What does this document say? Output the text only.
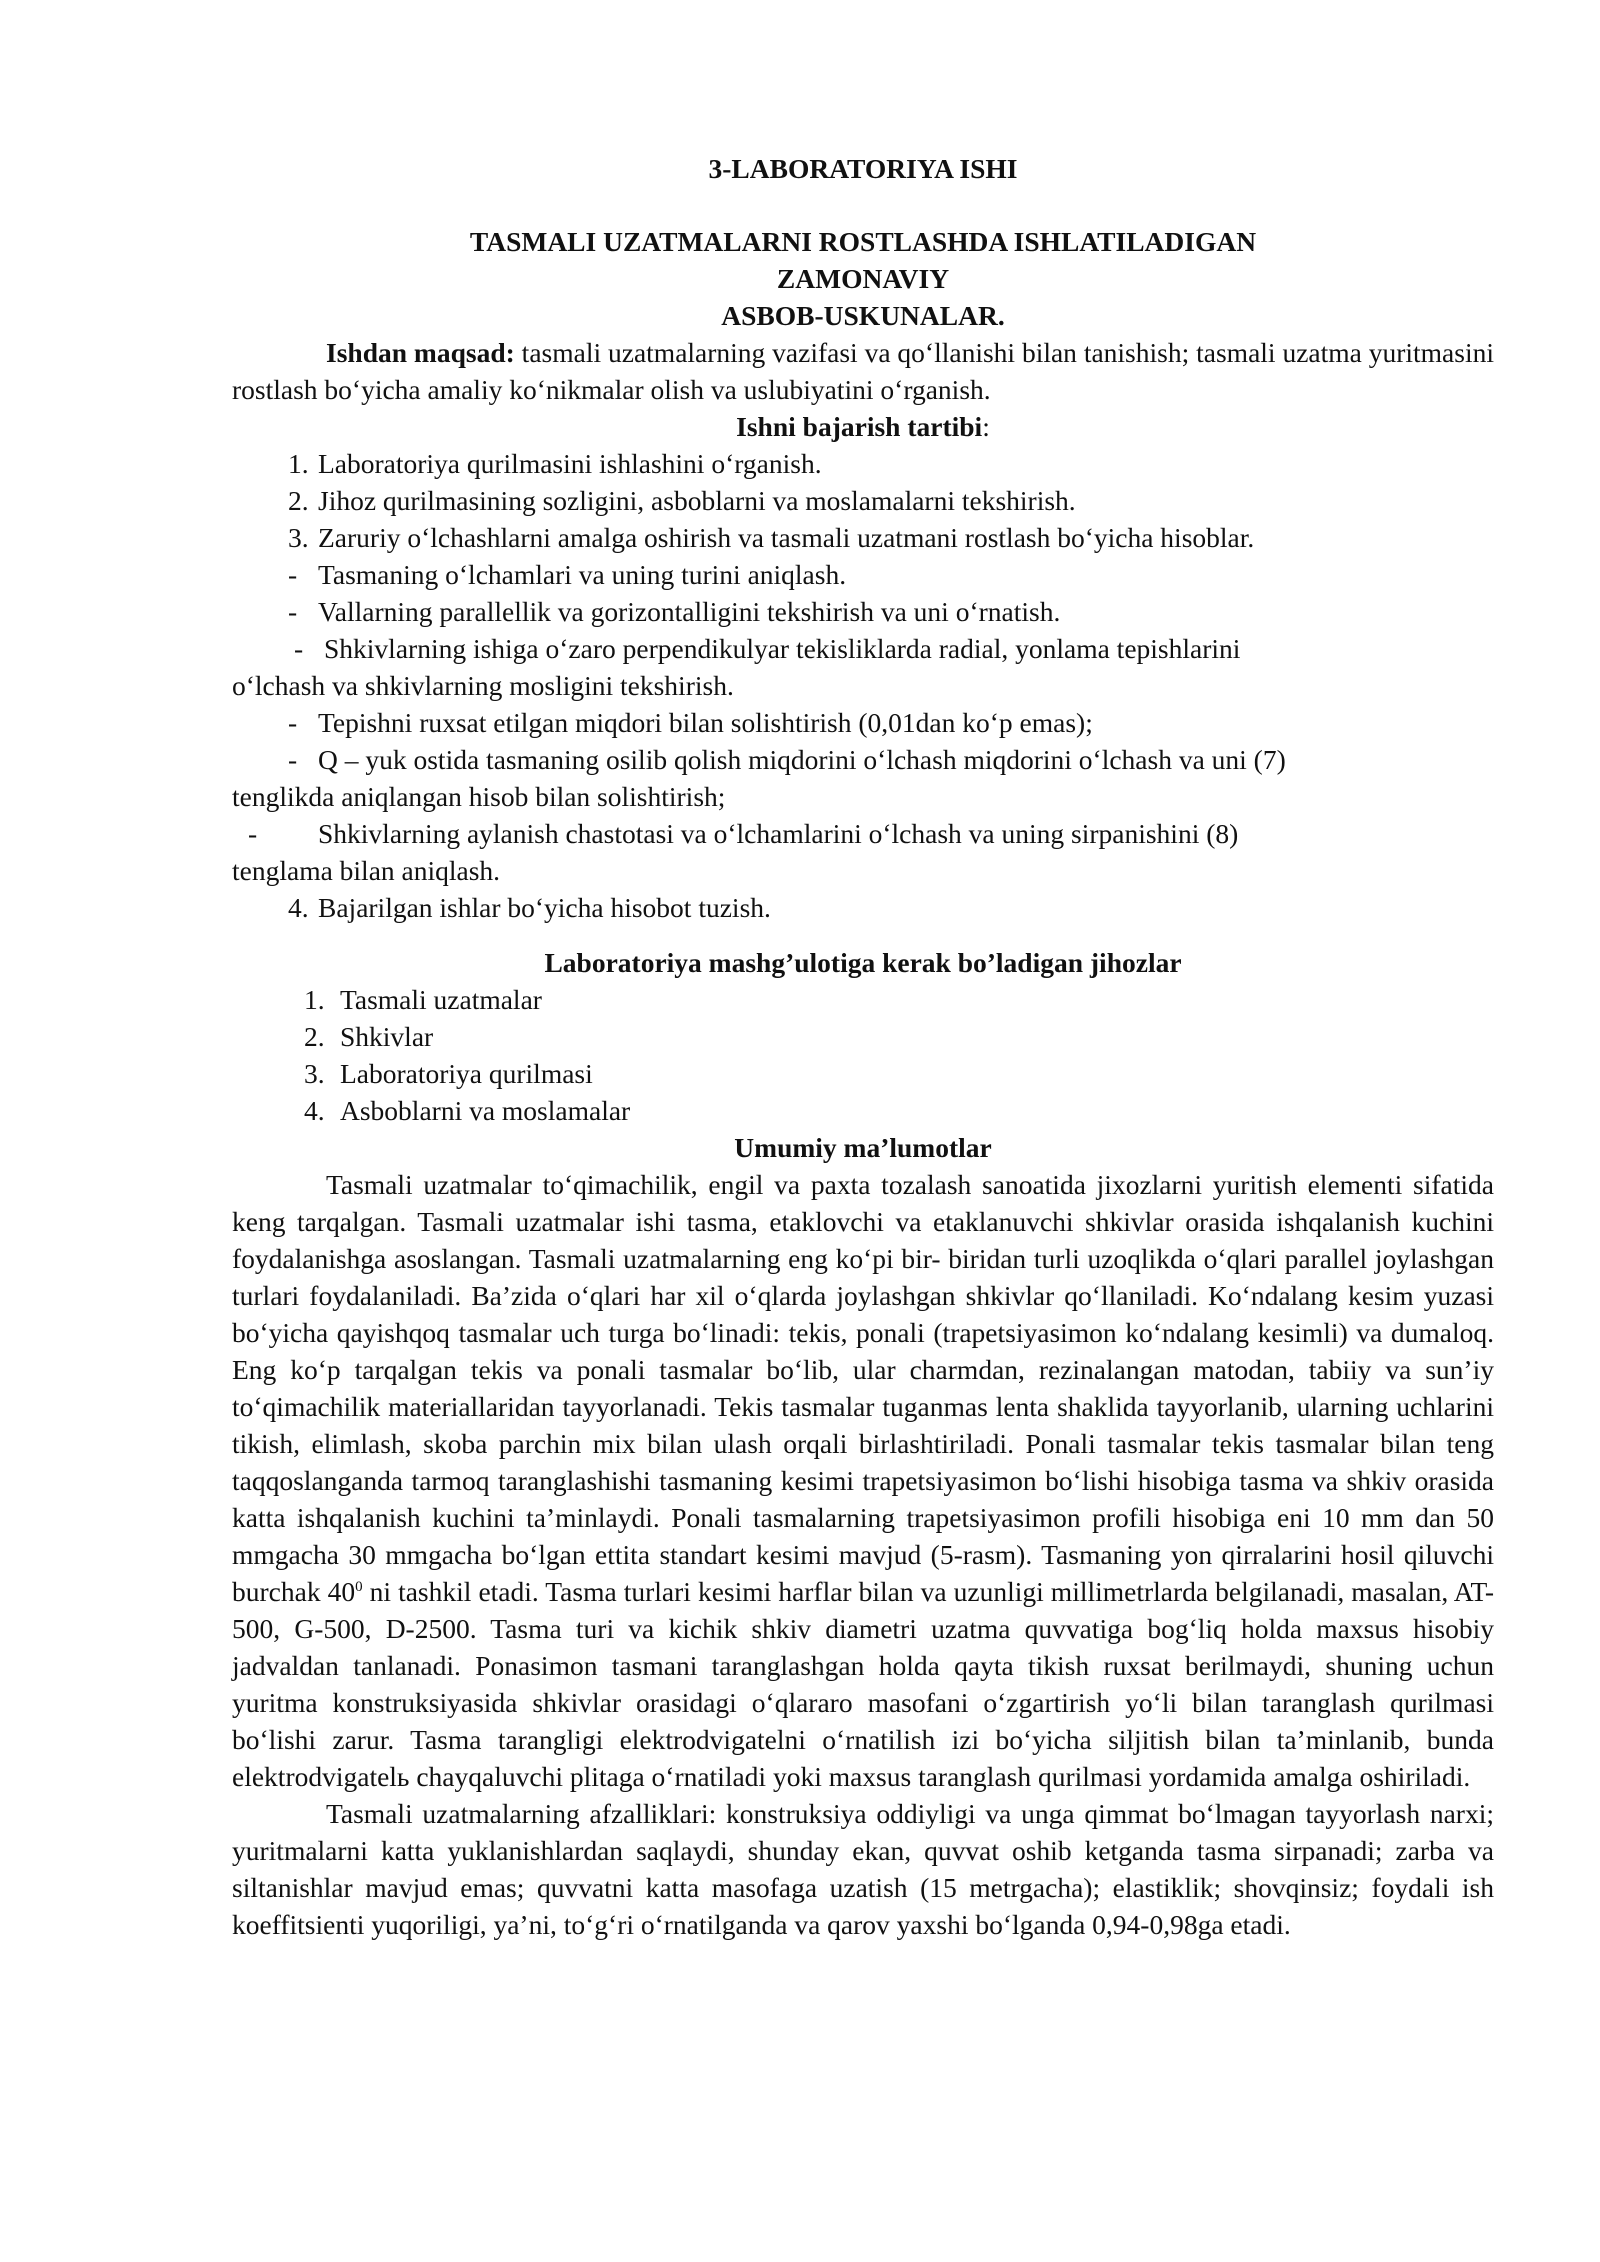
3-LABORATORIYA ISHI

TASMALI UZATMALARNI ROSTLASHDA ISHLATILADIGAN ZAMONAVIY
ASBOB-USKUNALAR.

Ishdan maqsad: tasmali uzatmalarning vazifasi va qo‘llanishi bilan tanishish; tasmali uzatma yuritmasini rostlash bo‘yicha amaliy ko‘nikmalar olish va uslubiyatini o‘rganish.

Ishni bajarish tartibi:

1. Laboratoriya qurilmasini ishlashini o‘rganish.
2. Jihoz qurilmasining sozligini, asboblarni va moslamalarni tekshirish.
3. Zaruriy o‘lchashlarni amalga oshirish va tasmali uzatmani rostlash bo‘yicha hisoblar.
- Tasmaning o‘lchamlari va uning turini aniqlash.
- Vallarning parallellik va gorizontalligini tekshirish va uni o‘rnatish.
- Shkivlarning ishiga o‘zaro perpendikulyar tekisliklarda radial, yonlama tepishlarini
o‘lchash va shkivlarning mosligini tekshirish.
- Tepishni ruxsat etilgan miqdori bilan solishtirish (0,01dan ko‘p emas);
- Q – yuk ostida tasmaning osilib qolish miqdorini o‘lchash miqdorini o‘lchash va uni (7)
tenglikda aniqlangan hisob bilan solishtirish;
- Shkivlarning aylanish chastotasi va o‘lchamlarini o‘lchash va uning sirpanishini (8)
tenglama bilan aniqlash.
4. Bajarilgan ishlar bo‘yicha hisobot tuzish.

Laboratoriya mashg’ulotiga kerak bo’ladigan jihozlar

1. Tasmali uzatmalar
2. Shkivlar
3. Laboratoriya qurilmasi
4. Asboblarni va moslamalar

Umumiy ma’lumotlar

Tasmali uzatmalar to‘qimachilik, engil va paxta tozalash sanoatida jixozlarni yuritish elementi sifatida keng tarqalgan. Tasmali uzatmalar ishi tasma, etaklovchi va etaklanuvchi shkivlar orasida ishqalanish kuchini foydalanishga asoslangan. Tasmali uzatmalarning eng ko‘pi bir- biridan turli uzoqlikda o‘qlari parallel joylashgan turlari foydalaniladi. Ba’zida o‘qlari har xil o‘qlarda joylashgan shkivlar qo‘llaniladi. Ko‘ndalang kesim yuzasi bo‘yicha qayishqoq tasmalar uch turga bo‘linadi: tekis, ponali (trapetsiyasimon ko‘ndalang kesimli) va dumaloq. Eng ko‘p tarqalgan tekis va ponali tasmalar bo‘lib, ular charmdan, rezinalangan matodan, tabiiy va sun’iy to‘qimachilik materiallaridan tayyorlanadi. Tekis tasmalar tuganmas lenta shaklida tayyorlanib, ularning uchlarini tikish, elimlash, skoba parchin mix bilan ulash orqali birlashtiriladi. Ponali tasmalar tekis tasmalar bilan teng taqqoslanganda tarmoq taranglashishi tasmaning kesimi trapetsiyasimon bo‘lishi hisobiga tasma va shkiv orasida katta ishqalanish kuchini ta’minlaydi. Ponali tasmalarning trapetsiyasimon profili hisobiga eni 10 mm dan 50 mmgacha 30 mmgacha bo‘lgan ettita standart kesimi mavjud (5-rasm). Tasmaning yon qirralarini hosil qiluvchi burchak $40^0$ ni tashkil etadi. Tasma turlari kesimi harflar bilan va uzunligi millimetrlarda belgilanadi, masalan, AT-500, G-500, D-2500. Tasma turi va kichik shkiv diametri uzatma quvvatiga bog‘liq holda maxsus hisobiy jadvaldan tanlanadi. Ponasimon tasmani taranglashgan holda qayta tikish ruxsat berilmaydi, shuning uchun yuritma konstruksiyasida shkivlar orasidagi o‘qlararo masofani o‘zgartirish yo‘li bilan taranglash qurilmasi bo‘lishi zarur. Tasma tarangligi elektrodvigatelni o‘rnatilish izi bo‘yicha siljitish bilan ta’minlanib, bunda elektrodvigatelь chayqaluvchi plitaga o‘rnatiladi yoki maxsus taranglash qurilmasi yordamida amalga oshiriladi.

Tasmali uzatmalarning afzalliklari: konstruksiya oddiyligi va unga qimmat bo‘lmagan tayyorlash narxi; yuritmalarni katta yuklanishlardan saqlaydi, shunday ekan, quvvat oshib ketganda tasma sirpanadi; zarba va siltanishlar mavjud emas; quvvatni katta masofaga uzatish (15 metrgacha); elastiklik; shovqinsiz; foydali ish koeffitsienti yuqoriligi, ya’ni, to‘g‘ri o‘rnatilganda va qarov yaxshi bo‘lganda 0,94-0,98ga etadi.
